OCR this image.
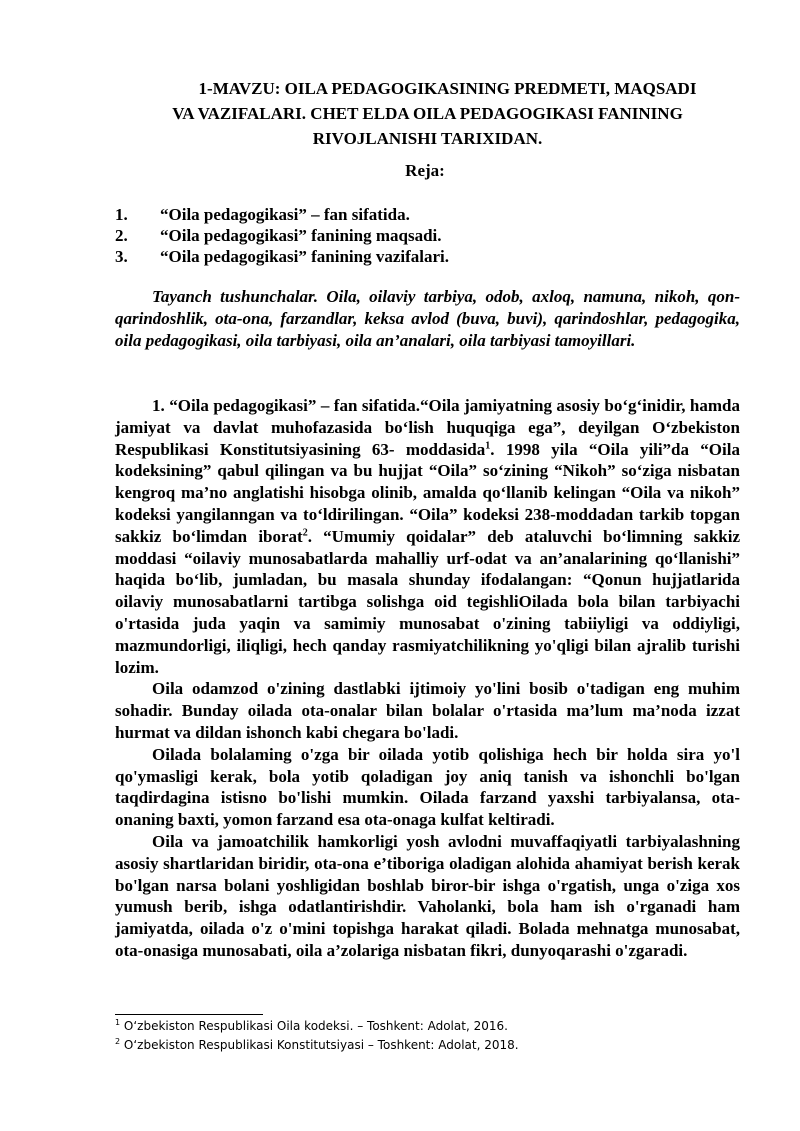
1-MAVZU: OILA PEDAGOGIKASINING PREDMETI, MAQSADI
VA VAZIFALARI. CHET ELDA OILA PEDAGOGIKASI FANINING
RIVOJLANISHI TARIXIDAN.
Reja:
1. “Oila pedagogikasi” – fan sifatida.
2. “Oila pedagogikasi” fanining maqsadi.
3. “Oila pedagogikasi” fanining vazifalari.
Tayanch tushunchalar. Oila, oilaviy tarbiya, odob, axloq, namuna, nikoh, qon-qarindoshlik, ota-ona, farzandlar, keksa avlod (buva, buvi), qarindoshlar, pedagogika, oila pedagogikasi, oila tarbiyasi, oila an’analari, oila tarbiyasi tamoyillari.

1. “Oila pedagogikasi” – fan sifatida.“Oila jamiyatning asosiy bo‘g‘inidir, hamda jamiyat va davlat muhofazasida bo‘lish huquqiga ega”, deyilgan O‘zbekiston Respublikasi Konstitutsiyasining 63- moddasida$^1$. 1998 yila “Oila yili”da “Oila kodeksining” qabul qilingan va bu hujjat “Oila” so‘zining “Nikoh” so‘ziga nisbatan kengroq ma’no anglatishi hisobga olinib, amalda qo‘llanib kelingan “Oila va nikoh” kodeksi yangilanngan va to‘ldirilingan. “Oila” kodeksi 238-moddadan tarkib topgan sakkiz bo‘limdan iborat$^2$. “Umumiy qoidalar” deb ataluvchi bo‘limning sakkiz moddasi “oilaviy munosabatlarda mahalliy urf-odat va an’analarining qo‘llanishi” haqida bo‘lib, jumladan, bu masala shunday ifodalangan: “Qonun hujjatlarida oilaviy munosabatlarni tartibga solishga oid tegishliOilada bola bilan tarbiyachi o'rtasida juda yaqin va samimiy munosabat o'zining tabiiyligi va oddiyligi, mazmundorligi, iliqligi, hech qanday rasmiyatchilikning yo'qligi bilan ajralib turishi lozim.

Oila odamzod o'zining dastlabki ijtimoiy yo'lini bosib o'tadigan eng muhim sohadir. Bunday oilada ota-onalar bilan bolalar o'rtasida ma’lum ma’noda izzat hurmat va dildan ishonch kabi chegara bo'ladi.

Oilada bolalaming o'zga bir oilada yotib qolishiga hech bir holda sira yo'l qo'ymasligi kerak, bola yotib qoladigan joy aniq tanish va ishonchli bo'lgan taqdirdagina istisno bo'lishi mumkin. Oilada farzand yaxshi tarbiyalansa, ota-onaning baxti, yomon farzand esa ota-onaga kulfat keltiradi.

Oila va jamoatchilik hamkorligi yosh avlodni muvaffaqiyatli tarbiyalashning asosiy shartlaridan biridir, ota-ona e’tiboriga oladigan alohida ahamiyat berish kerak bo'lgan narsa bolani yoshligidan boshlab biror-bir ishga o'rgatish, unga o'ziga xos yumush berib, ishga odatlantirishdir. Vaholanki, bola ham ish o'rganadi ham jamiyatda, oilada o'z o'mini topishga harakat qiladi. Bolada mehnatga munosabat, ota-onasiga munosabati, oila a’zolariga nisbatan fikri, dunyoqarashi o'zgaradi.

$^1$ O‘zbekiston Respublikasi Oila kodeksi. – Toshkent: Adolat, 2016.
$^2$ O‘zbekiston Respublikasi Konstitutsiyasi – Toshkent: Adolat, 2018.
